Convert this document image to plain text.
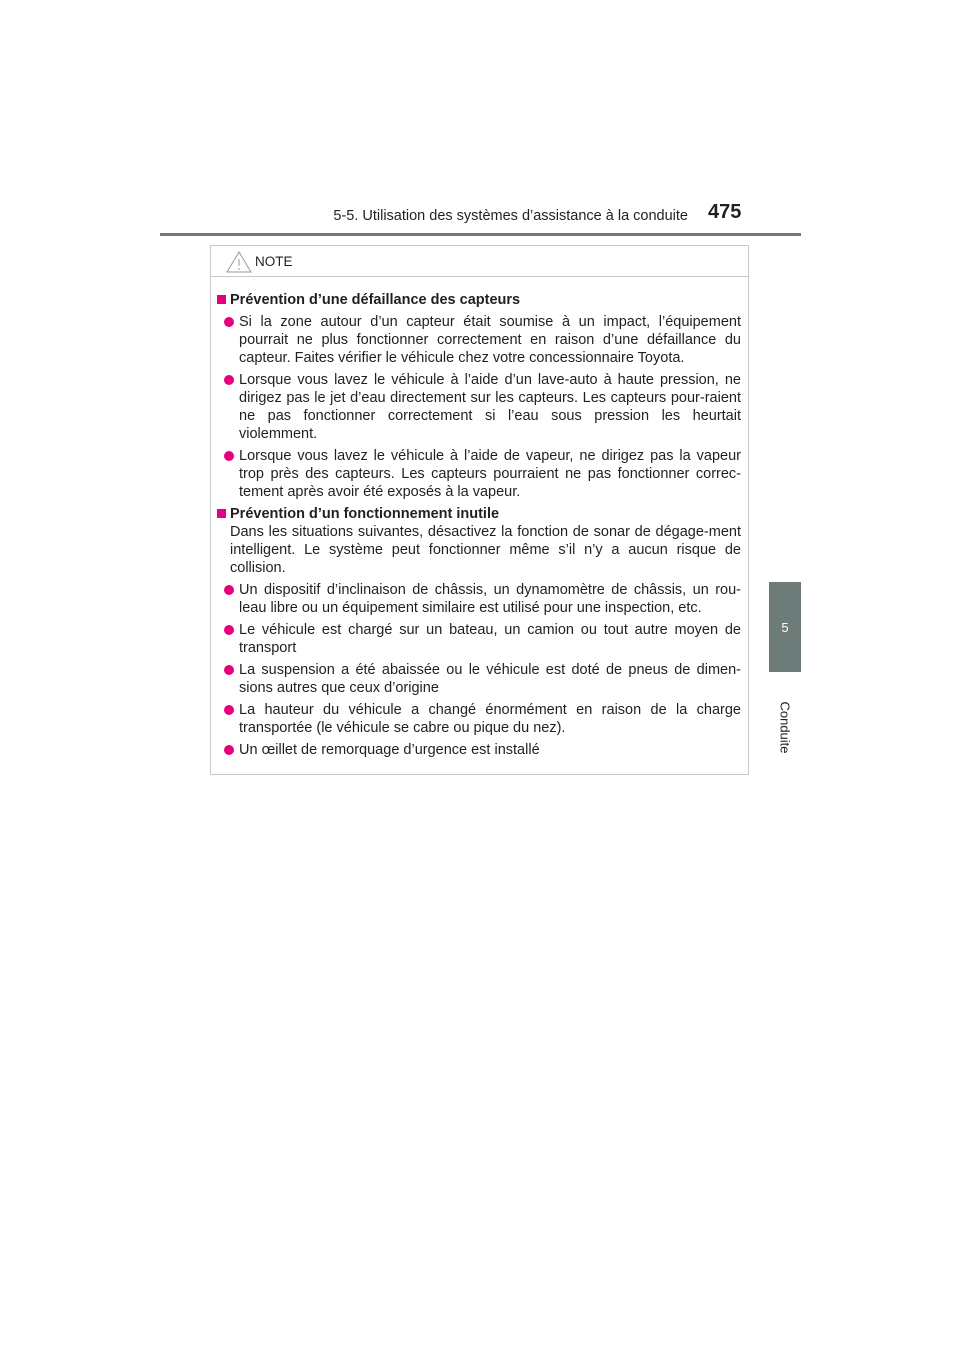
5-5. Utilisation des systèmes d’assistance à la conduite 475
5
Conduite
NOTE
Prévention d’une défaillance des capteurs
Si la zone autour d’un capteur était soumise à un impact, l’équipement pourrait ne plus fonctionner correctement en raison d’une défaillance du capteur. Faites vérifier le véhicule chez votre concessionnaire Toyota.
Lorsque vous lavez le véhicule à l’aide d’un lave-auto à haute pression, ne dirigez pas le jet d’eau directement sur les capteurs. Les capteurs pour-raient ne pas fonctionner correctement si l’eau sous pression les heurtait violemment.
Lorsque vous lavez le véhicule à l’aide de vapeur, ne dirigez pas la vapeur trop près des capteurs. Les capteurs pourraient ne pas fonctionner correc-tement après avoir été exposés à la vapeur.
Prévention d’un fonctionnement inutile
Dans les situations suivantes, désactivez la fonction de sonar de dégage-ment intelligent. Le système peut fonctionner même s’il n’y a aucun risque de collision.
Un dispositif d’inclinaison de châssis, un dynamomètre de châssis, un rou-leau libre ou un équipement similaire est utilisé pour une inspection, etc.
Le véhicule est chargé sur un bateau, un camion ou tout autre moyen de transport
La suspension a été abaissée ou le véhicule est doté de pneus de dimen-sions autres que ceux d’origine
La hauteur du véhicule a changé énormément en raison de la charge transportée (le véhicule se cabre ou pique du nez).
Un œillet de remorquage d’urgence est installé
